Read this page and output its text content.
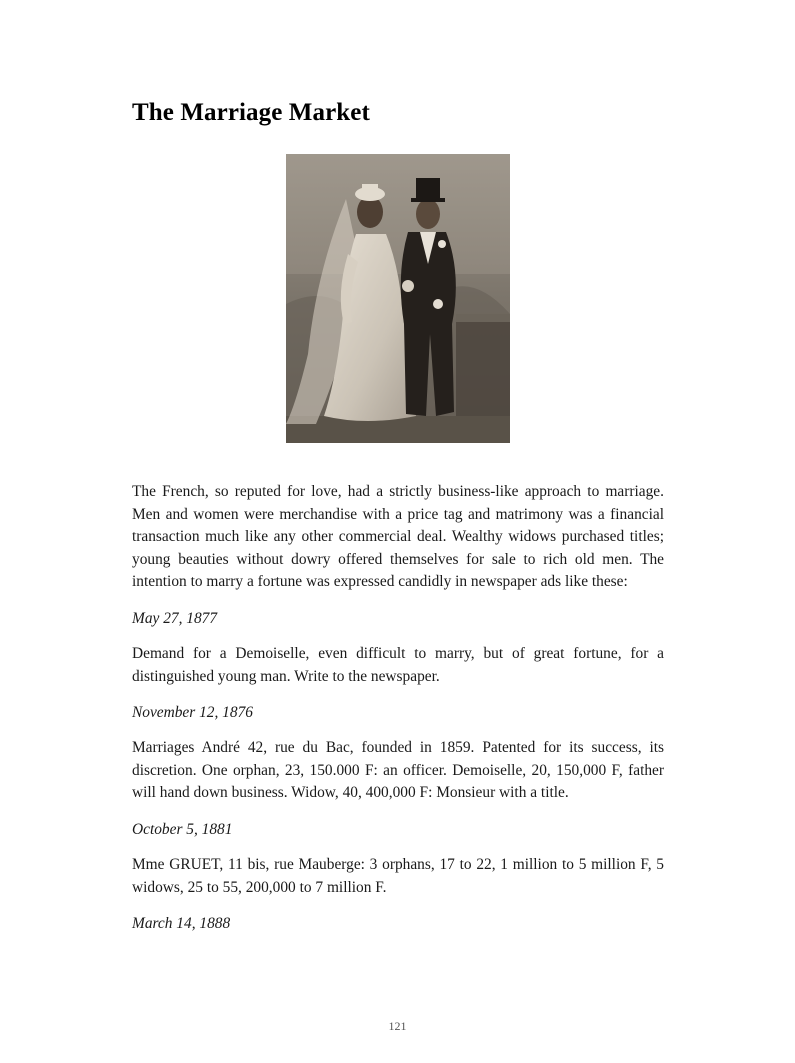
The Marriage Market

The French, so reputed for love, had a strictly business-like approach to marriage. Men and women were merchandise with a price tag and matrimony was a financial transaction much like any other commercial deal. Wealthy widows purchased titles; young beauties without dowry offered themselves for sale to rich old men. The intention to marry a fortune was expressed candidly in newspaper ads like these:

May 27, 1877

Demand for a Demoiselle, even difficult to marry, but of great fortune, for a distinguished young man. Write to the newspaper.

November 12, 1876

Marriages André 42, rue du Bac, founded in 1859. Patented for its success, its discretion. One orphan, 23, 150.000 F: an officer. Demoiselle, 20, 150,000 F, father will hand down business. Widow, 40, 400,000 F: Monsieur with a title.

October 5, 1881

Mme GRUET, 11 bis, rue Mauberge: 3 orphans, 17 to 22, 1 million to 5 million F, 5 widows, 25 to 55, 200,000 to 7 million F.

March 14, 1888

121
